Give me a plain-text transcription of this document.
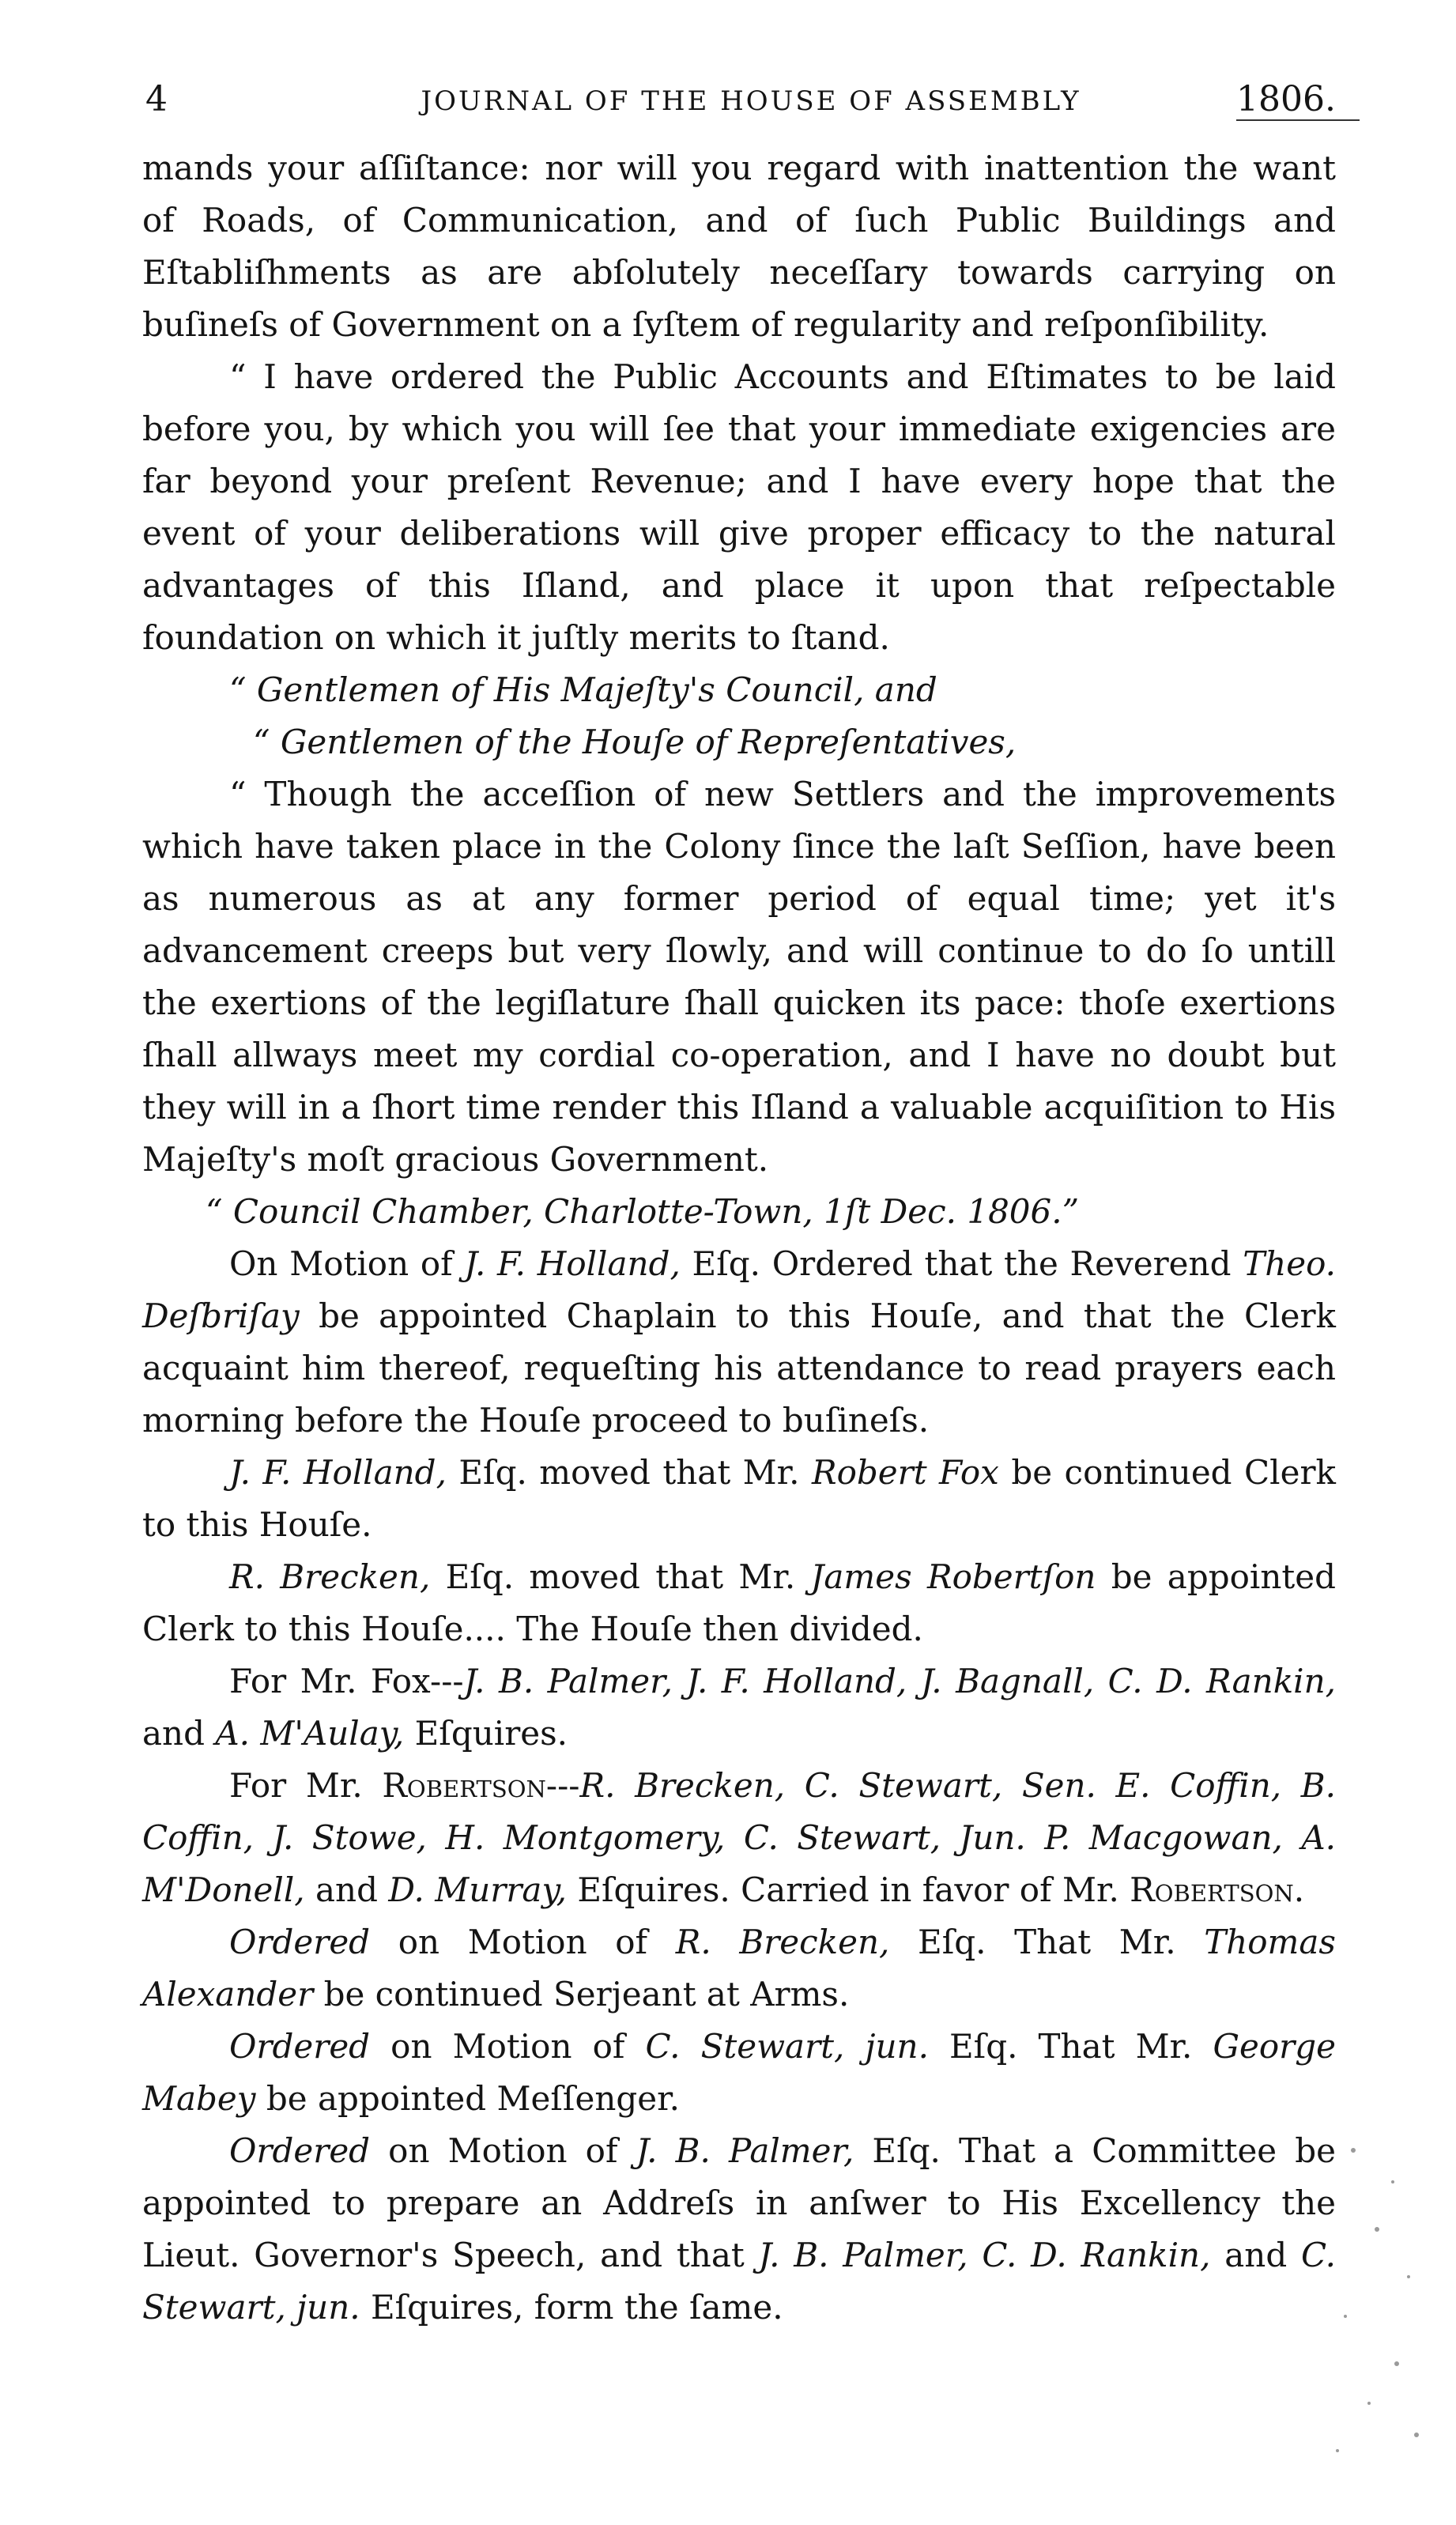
4	JOURNAL OF THE HOUSE OF ASSEMBLY	1806.

mands your aſſiſtance: nor will you regard with inattention the want of Roads, of Communication, and of ſuch Public Buildings and Eſtabliſhments as are abſolutely neceſſary towards carrying on buſineſs of Government on a ſyſtem of regularity and reſponſibility.

“ I have ordered the Public Accounts and Eſtimates to be laid before you, by which you will ſee that your immediate exigencies are far beyond your preſent Revenue; and I have every hope that the event of your deliberations will give proper efficacy to the natural advantages of this Iſland, and place it upon that reſpectable foundation on which it juſtly merits to ſtand.

“ Gentlemen of His Majeſty's Council, and

“ Gentlemen of the Houſe of Repreſentatives,

“ Though the acceſſion of new Settlers and the improvements which have taken place in the Colony ſince the laſt Seſſion, have been as numerous as at any former period of equal time; yet it's advancement creeps but very ſlowly, and will continue to do ſo untill the exertions of the legiſlature ſhall quicken its pace: thoſe exertions ſhall allways meet my cordial co-operation, and I have no doubt but they will in a ſhort time render this Iſland a valuable acquiſition to His Majeſty's moſt gracious Government.

“ Council Chamber, Charlotte-Town, 1ſt Dec. 1806.”

On Motion of J. F. Holland, Eſq. Ordered that the Reverend Theo. Deſbriſay be appointed Chaplain to this Houſe, and that the Clerk acquaint him thereof, requeſting his attendance to read prayers each morning before the Houſe proceed to buſineſs.

J. F. Holland, Eſq. moved that Mr. Robert Fox be continued Clerk to this Houſe.

R. Brecken, Eſq. moved that Mr. James Robertſon be appointed Clerk to this Houſe.... The Houſe then divided.

For Mr. Fox---J. B. Palmer, J. F. Holland, J. Bagnall, C. D. Rankin, and A. M'Aulay, Eſquires.

For Mr. Robertson---R. Brecken, C. Stewart, Sen. E. Coffin, B. Coffin, J. Stowe, H. Montgomery, C. Stewart, Jun. P. Macgowan, A. M'Donell, and D. Murray, Eſquires. Carried in favor of Mr. Robertson.

Ordered on Motion of R. Brecken, Eſq. That Mr. Thomas Alexander be continued Serjeant at Arms.

Ordered on Motion of C. Stewart, jun. Eſq. That Mr. George Mabey be appointed Meſſenger.

Ordered on Motion of J. B. Palmer, Eſq. That a Committee be appointed to prepare an Addreſs in anſwer to His Excellency the Lieut. Governor's Speech, and that J. B. Palmer, C. D. Rankin, and C. Stewart, jun. Eſquires, form the ſame.
